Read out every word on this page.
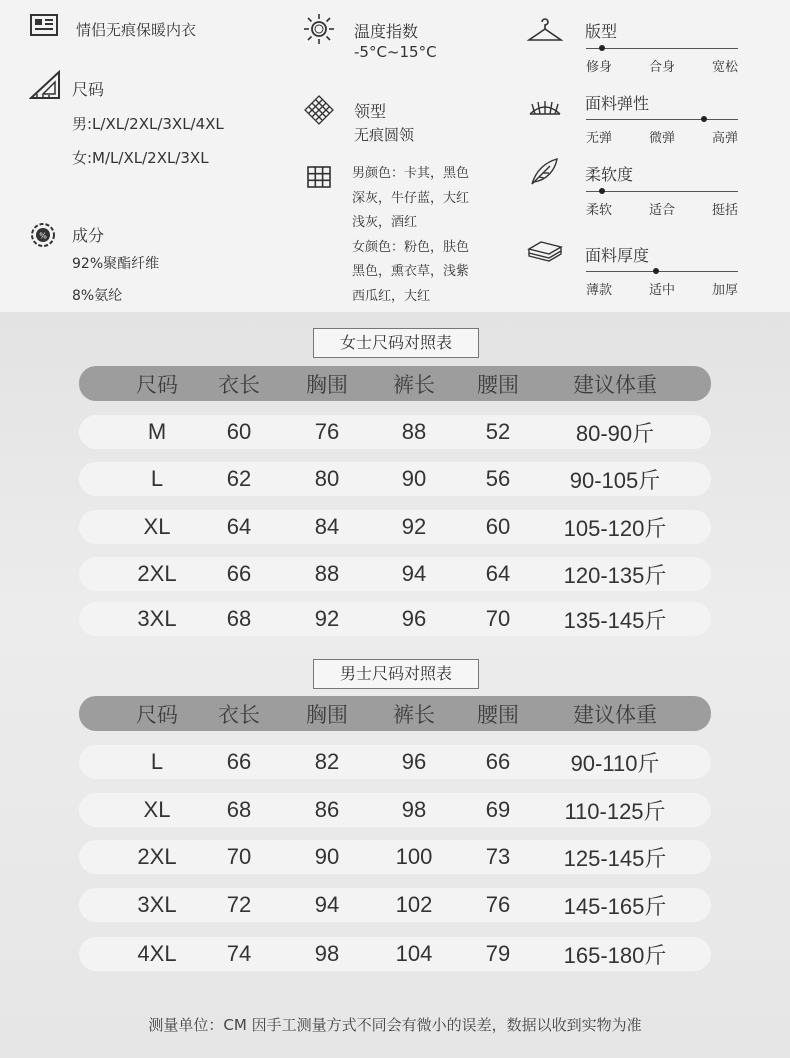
情侣无痕保暖内衣
尺码
男:L/XL/2XL/3XL/4XL
女:M/L/XL/2XL/3XL
% 成分
92%聚酯纤维
8%氨纶
温度指数
-5°C~15°C
领型
无痕圆领
男颜色：卡其，黑色
深灰，牛仔蓝，大红
浅灰，酒红
女颜色：粉色，肤色
黑色，熏衣草，浅紫
西瓜红，大红
版型
修身	合身	宽松
面料弹性
无弹	微弹	高弹
柔软度
柔软	适合	挺括
面料厚度
薄款	适中	加厚
女士尺码对照表
尺码	衣长	胸围	裤长	腰围	建议体重
M	60	76	88	52	80-90斤
L	62	80	90	56	90-105斤
XL	64	84	92	60	105-120斤
2XL	66	88	94	64	120-135斤
3XL	68	92	96	70	135-145斤
男士尺码对照表
尺码	衣长	胸围	裤长	腰围	建议体重
L	66	82	96	66	90-110斤
XL	68	86	98	69	110-125斤
2XL	70	90	100	73	125-145斤
3XL	72	94	102	76	145-165斤
4XL	74	98	104	79	165-180斤
测量单位：CM 因手工测量方式不同会有微小的误差，数据以收到实物为准
